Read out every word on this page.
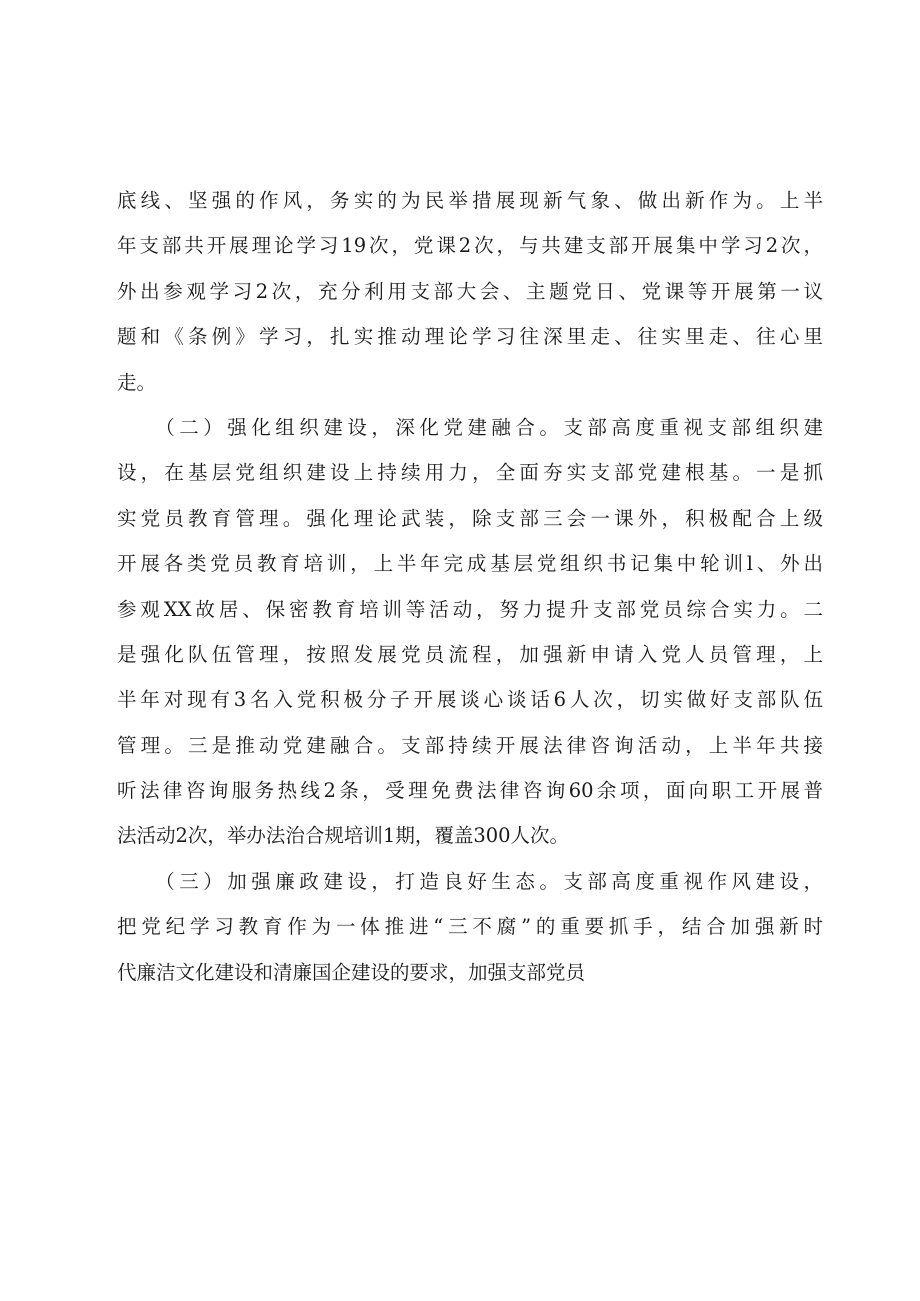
底线、坚强的作风，务实的为民举措展现新气象、做出新作为。上半
年支部共开展理论学习19次，党课2次，与共建支部开展集中学习2次，
外出参观学习2次，充分利用支部大会、主题党日、党课等开展第一议
题和《条例》学习，扎实推动理论学习往深里走、往实里走、往心里
走。
　　（二）强化组织建设，深化党建融合。支部高度重视支部组织建
设，在基层党组织建设上持续用力，全面夯实支部党建根基。一是抓
实党员教育管理。强化理论武装，除支部三会一课外，积极配合上级
开展各类党员教育培训，上半年完成基层党组织书记集中轮训l、外出
参观XX故居、保密教育培训等活动，努力提升支部党员综合实力。二
是强化队伍管理，按照发展党员流程，加强新申请入党人员管理，上
半年对现有3名入党积极分子开展谈心谈话6人次，切实做好支部队伍
管理。三是推动党建融合。支部持续开展法律咨询活动，上半年共接
听法律咨询服务热线2条，受理免费法律咨询60余项，面向职工开展普
法活动2次，举办法治合规培训1期，覆盖300人次。
　　（三）加强廉政建设，打造良好生态。支部高度重视作风建设，
把党纪学习教育作为一体推进“三不腐”的重要抓手，结合加强新时
代廉洁文化建设和清廉国企建设的要求，加强支部党员
